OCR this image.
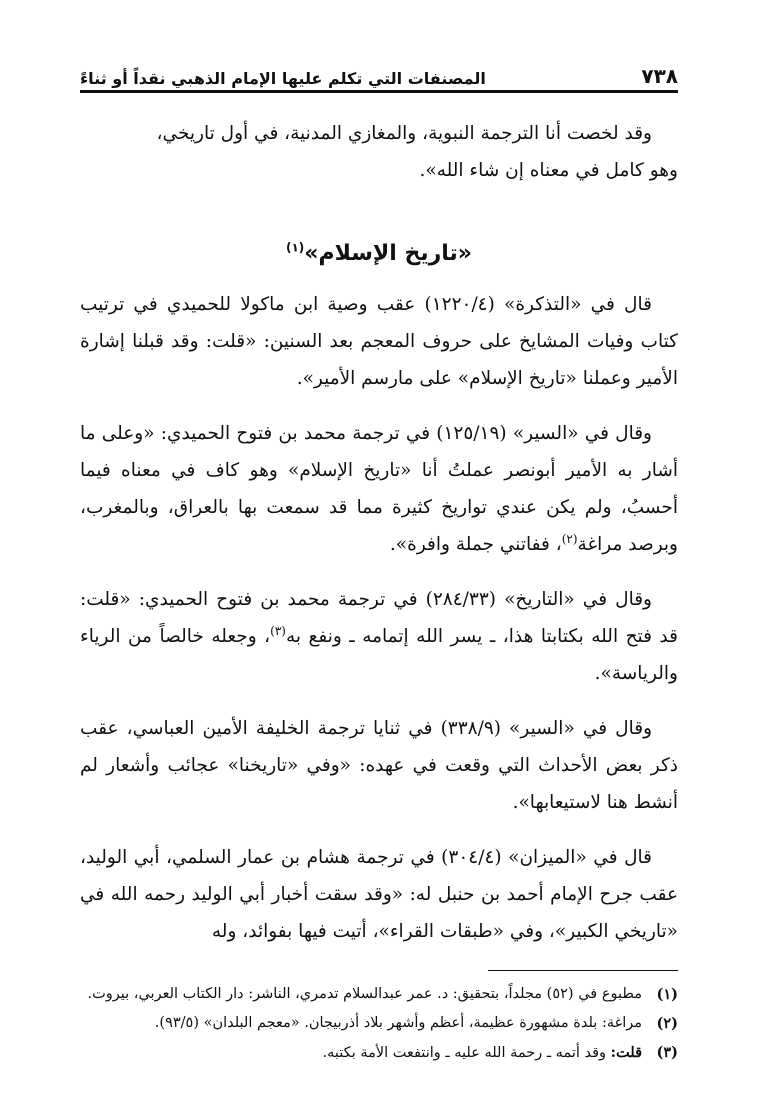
٧٣٨
المصنفات التي تكلم عليها الإمام الذهبي نقداً أو ثناءً

وقد لخصت أنا الترجمة النبوية، والمغازي المدنية، في أول تاريخي،
وهو كامل في معناه إن شاء الله».

«تاريخ الإسلام»$^{(١)}$

قال في «التذكرة» (١٢٢٠/٤) عقب وصية ابن ماكولا للحميدي في ترتيب كتاب وفيات المشايخ على حروف المعجم بعد السنين: «قلت: وقد قبلنا إشارة الأمير وعملنا «تاريخ الإسلام» على مارسم الأمير».

وقال في «السير» (١٢٥/١٩) في ترجمة محمد بن فتوح الحميدي: «وعلى ما أشار به الأمير أبونصر عملتُ أنا «تاريخ الإسلام» وهو كاف في معناه فيما أحسبُ، ولم يكن عندي تواريخ كثيرة مما قد سمعت بها بالعراق، وبالمغرب، وبرصد مراغة$^{(٢)}$، ففاتني جملة وافرة».

وقال في «التاريخ» (٢٨٤/٣٣) في ترجمة محمد بن فتوح الحميدي: «قلت: قد فتح الله بكتابتا هذا، ـ يسر الله إتمامه ـ ونفع به$^{(٣)}$، وجعله خالصاً من الرياء والرياسة».

وقال في «السير» (٣٣٨/٩) في ثنايا ترجمة الخليفة الأمين العباسي، عقب ذكر بعض الأحداث التي وقعت في عهده: «وفي «تاريخنا» عجائب وأشعار لم أنشط هنا لاستيعابها».

قال في «الميزان» (٣٠٤/٤) في ترجمة هشام بن عمار السلمي، أبي الوليد، عقب جرح الإمام أحمد بن حنبل له: «وقد سقت أخبار أبي الوليد رحمه الله في «تاريخي الكبير»، وفي «طبقات القراء»، أتيت فيها بفوائد، وله

(١)
مطبوع في (٥٢) مجلداً، بتحقيق: د. عمر عبدالسلام تدمري، الناشر: دار الكتاب العربي، بيروت.
(٢)
مراغة: بلدة مشهورة عظيمة، أعظم وأشهر بلاد أذربيجان. «معجم البلدان» (٩٣/٥).
(٣)
قلت: وقد أتمه ـ رحمة الله عليه ـ وانتفعت الأمة بكتبه.
